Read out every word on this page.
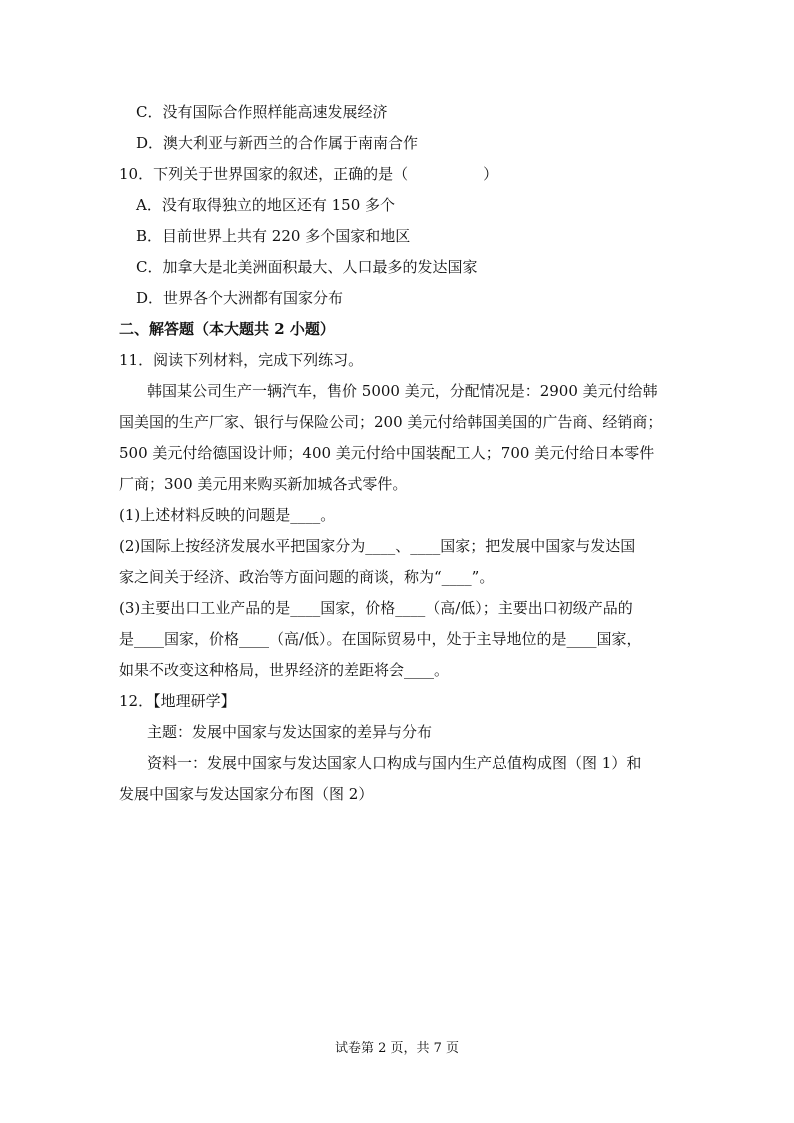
C．没有国际合作照样能高速发展经济
D．澳大利亚与新西兰的合作属于南南合作
10．下列关于世界国家的叙述，正确的是（　　　　　）
A．没有取得独立的地区还有 150 多个
B．目前世界上共有 220 多个国家和地区
C．加拿大是北美洲面积最大、人口最多的发达国家
D．世界各个大洲都有国家分布
二、解答题（本大题共 2 小题）
11．阅读下列材料，完成下列练习。
韩国某公司生产一辆汽车，售价 5000 美元，分配情况是：2900 美元付给韩
国美国的生产厂家、银行与保险公司；200 美元付给韩国美国的广告商、经销商；
500 美元付给德国设计师；400 美元付给中国装配工人；700 美元付给日本零件
厂商；300 美元用来购买新加城各式零件。
(1)上述材料反映的问题是____。
(2)国际上按经济发展水平把国家分为____、____国家；把发展中国家与发达国
家之间关于经济、政治等方面问题的商谈，称为“____”。
(3)主要出口工业产品的是____国家，价格____（高/低）；主要出口初级产品的
是____国家，价格____（高/低）。在国际贸易中，处于主导地位的是____国家，
如果不改变这种格局，世界经济的差距将会____。
12．【地理研学】
主题：发展中国家与发达国家的差异与分布
资料一：发展中国家与发达国家人口构成与国内生产总值构成图（图 1）和
发展中国家与发达国家分布图（图 2）
试卷第 2 页，共 7 页
